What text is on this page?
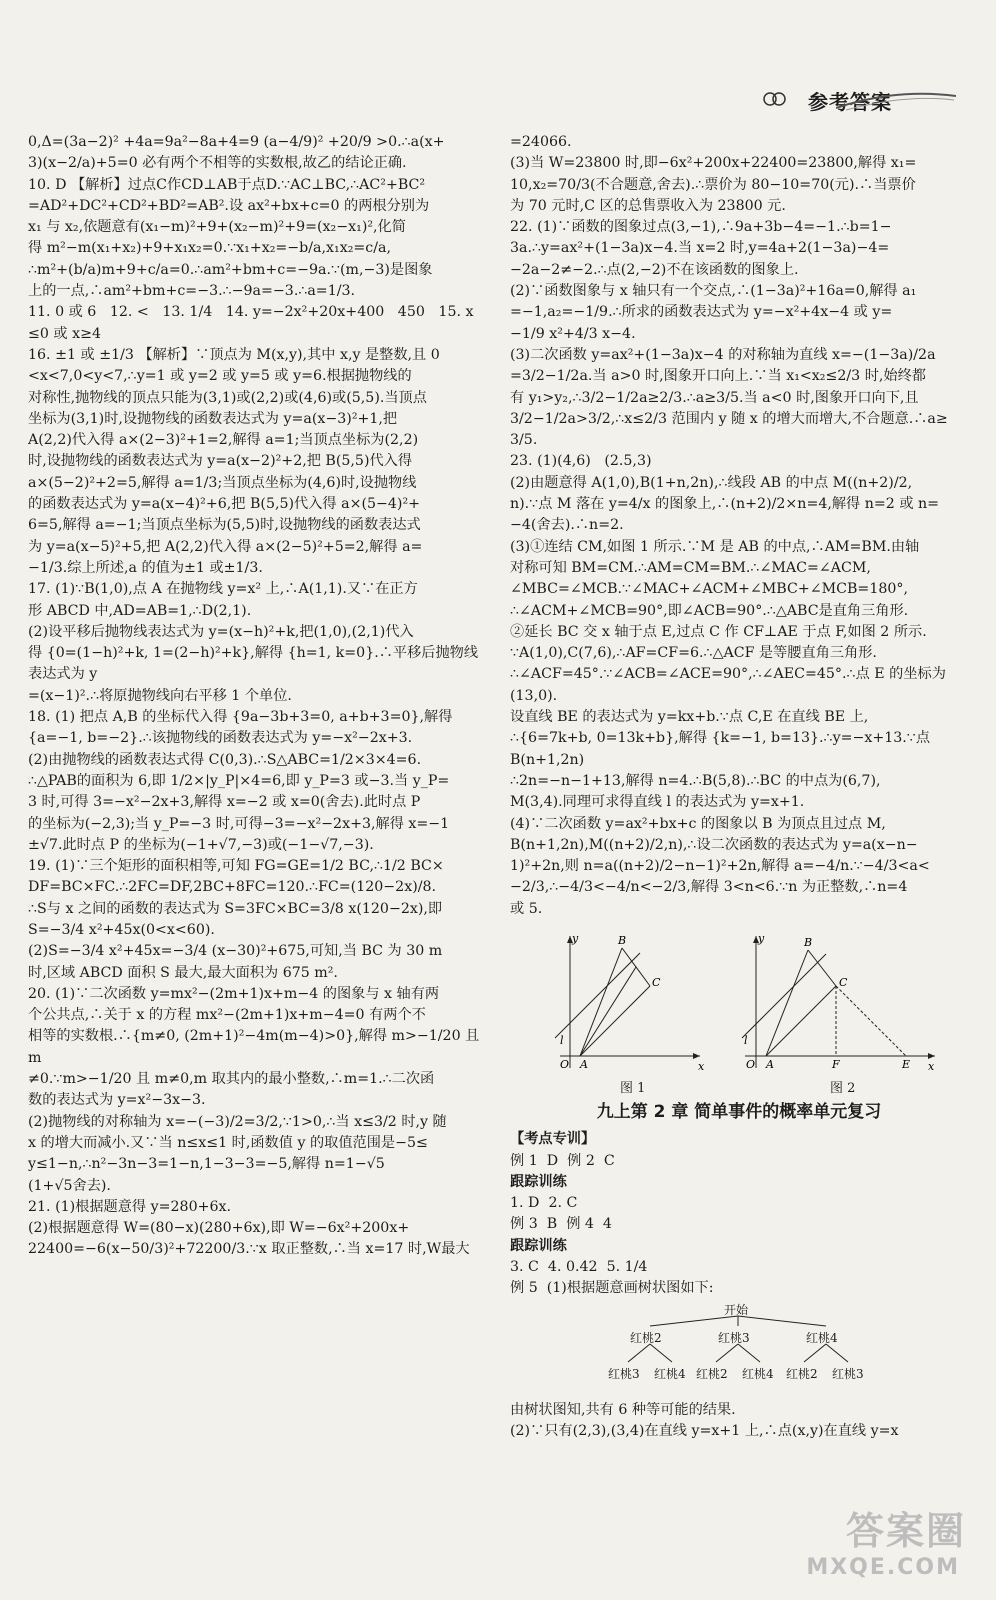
参考答案

0,Δ=(3a−2)² +4a=9a²−8a+4=9 (a−4/9)² +20/9 >0.∴a(x+

3)(x−2/a)+5=0 必有两个不相等的实数根,故乙的结论正确.

10. D 【解析】过点C作CD⊥AB于点D.∵AC⊥BC,∴AC²+BC²

=AD²+DC²+CD²+BD²=AB².设 ax²+bx+c=0 的两根分别为

x₁ 与 x₂,依题意有(x₁−m)²+9+(x₂−m)²+9=(x₂−x₁)²,化简

得 m²−m(x₁+x₂)+9+x₁x₂=0.∵x₁+x₂=−b/a,x₁x₂=c/a,

∴m²+(b/a)m+9+c/a=0.∴am²+bm+c=−9a.∵(m,−3)是图象

上的一点,∴am²+bm+c=−3.∴−9a=−3.∴a=1/3.

11. 0 或 6   12. <   13. 1/4   14. y=−2x²+20x+400   450   15. x

≤0 或 x≥4

16. ±1 或 ±1/3 【解析】∵顶点为 M(x,y),其中 x,y 是整数,且 0

<x<7,0<y<7,∴y=1 或 y=2 或 y=5 或 y=6.根据抛物线的

对称性,抛物线的顶点只能为(3,1)或(2,2)或(4,6)或(5,5).当顶点

坐标为(3,1)时,设抛物线的函数表达式为 y=a(x−3)²+1,把

A(2,2)代入得 a×(2−3)²+1=2,解得 a=1;当顶点坐标为(2,2)

时,设抛物线的函数表达式为 y=a(x−2)²+2,把 B(5,5)代入得

a×(5−2)²+2=5,解得 a=1/3;当顶点坐标为(4,6)时,设抛物线

的函数表达式为 y=a(x−4)²+6,把 B(5,5)代入得 a×(5−4)²+

6=5,解得 a=−1;当顶点坐标为(5,5)时,设抛物线的函数表达式

为 y=a(x−5)²+5,把 A(2,2)代入得 a×(2−5)²+5=2,解得 a=

−1/3.综上所述,a 的值为±1 或±1/3.

17. (1)∵B(1,0),点 A 在抛物线 y=x² 上,∴A(1,1).又∵在正方

形 ABCD 中,AD=AB=1,∴D(2,1).

(2)设平移后抛物线表达式为 y=(x−h)²+k,把(1,0),(2,1)代入

得 {0=(1−h)²+k, 1=(2−h)²+k},解得 {h=1, k=0}.∴平移后抛物线表达式为 y

=(x−1)².∴将原抛物线向右平移 1 个单位.

18. (1) 把点 A,B 的坐标代入得 {9a−3b+3=0, a+b+3=0},解得

{a=−1, b=−2}.∴该抛物线的函数表达式为 y=−x²−2x+3.

(2)由抛物线的函数表达式得 C(0,3).∴S△ABC=1/2×3×4=6.

∴△PAB的面积为 6,即 1/2×|y_P|×4=6,即 y_P=3 或−3.当 y_P=

3 时,可得 3=−x²−2x+3,解得 x=−2 或 x=0(舍去).此时点 P

的坐标为(−2,3);当 y_P=−3 时,可得−3=−x²−2x+3,解得 x=−1

±√7.此时点 P 的坐标为(−1+√7,−3)或(−1−√7,−3).

19. (1)∵三个矩形的面积相等,可知 FG=GE=1/2 BC,∴1/2 BC×

DF=BC×FC.∴2FC=DF,2BC+8FC=120.∴FC=(120−2x)/8.

∴S与 x 之间的函数的表达式为 S=3FC×BC=3/8 x(120−2x),即

S=−3/4 x²+45x(0<x<60).

(2)S=−3/4 x²+45x=−3/4 (x−30)²+675,可知,当 BC 为 30 m

时,区域 ABCD 面积 S 最大,最大面积为 675 m².

20. (1)∵二次函数 y=mx²−(2m+1)x+m−4 的图象与 x 轴有两

个公共点,∴关于 x 的方程 mx²−(2m+1)x+m−4=0 有两个不

相等的实数根.∴{m≠0, (2m+1)²−4m(m−4)>0},解得 m>−1/20 且 m

≠0.∵m>−1/20 且 m≠0,m 取其内的最小整数,∴m=1.∴二次函

数的表达式为 y=x²−3x−3.

(2)抛物线的对称轴为 x=−(−3)/2=3/2,∵1>0,∴当 x≤3/2 时,y 随

x 的增大而减小.又∵当 n≤x≤1 时,函数值 y 的取值范围是−5≤

y≤1−n,∴n²−3n−3=1−n,1−3−3=−5,解得 n=1−√5

(1+√5舍去).

21. (1)根据题意得 y=280+6x.

(2)根据题意得 W=(80−x)(280+6x),即 W=−6x²+200x+

22400=−6(x−50/3)²+72200/3.∵x 取正整数,∴当 x=17 时,W最大

=24066.

(3)当 W=23800 时,即−6x²+200x+22400=23800,解得 x₁=

10,x₂=70/3(不合题意,舍去).∴票价为 80−10=70(元).∴当票价

为 70 元时,C 区的总售票收入为 23800 元.

22. (1)∵函数的图象过点(3,−1),∴9a+3b−4=−1.∴b=1−

3a.∴y=ax²+(1−3a)x−4.当 x=2 时,y=4a+2(1−3a)−4=

−2a−2≠−2.∴点(2,−2)不在该函数的图象上.

(2)∵函数图象与 x 轴只有一个交点,∴(1−3a)²+16a=0,解得 a₁

=−1,a₂=−1/9.∴所求的函数表达式为 y=−x²+4x−4 或 y=

−1/9 x²+4/3 x−4.

(3)二次函数 y=ax²+(1−3a)x−4 的对称轴为直线 x=−(1−3a)/2a

=3/2−1/2a.当 a>0 时,图象开口向上.∵当 x₁<x₂≤2/3 时,始终都

有 y₁>y₂,∴3/2−1/2a≥2/3.∴a≥3/5.当 a<0 时,图象开口向下,且

3/2−1/2a>3/2,∴x≤2/3 范围内 y 随 x 的增大而增大,不合题意.∴a≥

3/5.

23. (1)(4,6)   (2.5,3)

(2)由题意得 A(1,0),B(1+n,2n),∴线段 AB 的中点 M((n+2)/2,

n).∵点 M 落在 y=4/x 的图象上,∴(n+2)/2×n=4,解得 n=2 或 n=

−4(舍去).∴n=2.

(3)①连结 CM,如图 1 所示.∵M 是 AB 的中点,∴AM=BM.由轴

对称可知 BM=CM.∴AM=CM=BM.∴∠MAC=∠ACM,

∠MBC=∠MCB.∵∠MAC+∠ACM+∠MBC+∠MCB=180°,

∴∠ACM+∠MCB=90°,即∠ACB=90°.∴△ABC是直角三角形.

②延长 BC 交 x 轴于点 E,过点 C 作 CF⊥AE 于点 F,如图 2 所示.

∵A(1,0),C(7,6),∴AF=CF=6.∴△ACF 是等腰直角三角形.

∴∠ACF=45°.∵∠ACB=∠ACE=90°,∴∠AEC=45°.∴点 E 的坐标为(13,0).

设直线 BE 的表达式为 y=kx+b.∵点 C,E 在直线 BE 上,

∴{6=7k+b, 0=13k+b},解得 {k=−1, b=13}.∴y=−x+13.∵点 B(n+1,2n)

∴2n=−n−1+13,解得 n=4.∴B(5,8).∴BC 的中点为(6,7),

M(3,4).同理可求得直线 l 的表达式为 y=x+1.

(4)∵二次函数 y=ax²+bx+c 的图象以 B 为顶点且过点 M,

B(n+1,2n),M((n+2)/2,n),∴设二次函数的表达式为 y=a(x−n−

1)²+2n,则 n=a((n+2)/2−n−1)²+2n,解得 a=−4/n.∵−4/3<a<

−2/3,∴−4/3<−4/n<−2/3,解得 3<n<6.∵n 为正整数,∴n=4

或 5.

y
x
O A
B
C
l
y
x
O A
B
C
F	E
l
图 1	图 2
九上第 2 章 简单事件的概率单元复习

【考点专训】

例 1  D  例 2  C

跟踪训练

1. D  2. C

例 3  B  例 4  4

跟踪训练

3. C  4. 0.42  5. 1/4

例 5  (1)根据题意画树状图如下:

开始
红桃2	红桃3	红桃4
红桃3 红桃4 红桃2 红桃4 红桃2 红桃3

由树状图知,共有 6 种等可能的结果.

(2)∵只有(2,3),(3,4)在直线 y=x+1 上,∴点(x,y)在直线 y=x

答案圈
MXQE.COM
